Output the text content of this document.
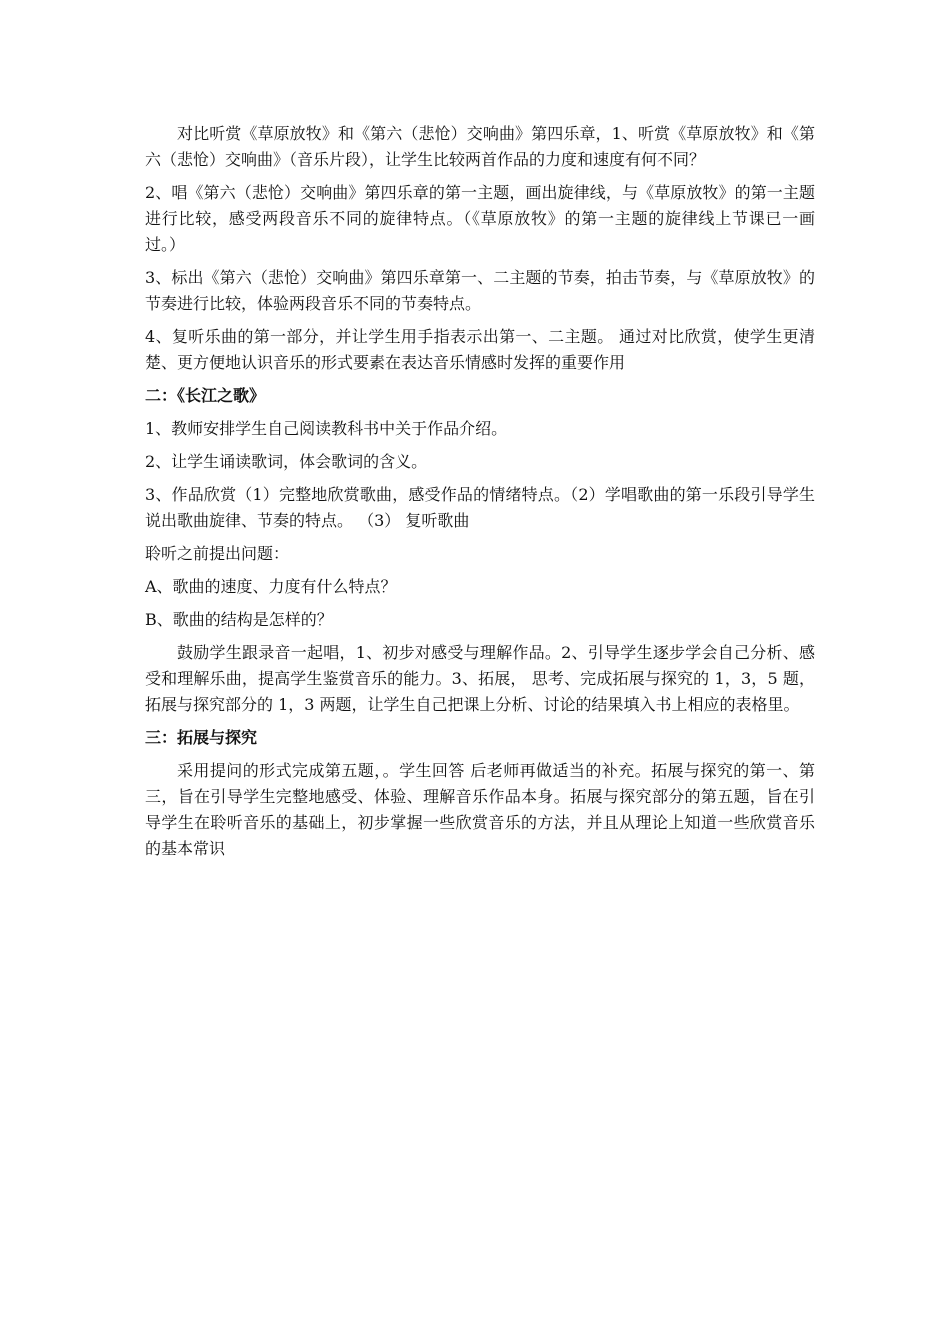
对比听赏《草原放牧》和《第六（悲怆）交响曲》第四乐章，1、听赏《草原放牧》和《第六（悲怆）交响曲》（音乐片段），让学生比较两首作品的力度和速度有何不同？

2、唱《第六（悲怆）交响曲》第四乐章的第一主题，画出旋律线，与《草原放牧》的第一主题进行比较，感受两段音乐不同的旋律特点。（《草原放牧》的第一主题的旋律线上节课已一画过。）

3、标出《第六（悲怆）交响曲》第四乐章第一、二主题的节奏，拍击节奏，与《草原放牧》的节奏进行比较，体验两段音乐不同的节奏特点。

4、复听乐曲的第一部分，并让学生用手指表示出第一、二主题。 通过对比欣赏，使学生更清楚、更方便地认识音乐的形式要素在表达音乐情感时发挥的重要作用

二：《长江之歌》

1、教师安排学生自己阅读教科书中关于作品介绍。

2、让学生诵读歌词，体会歌词的含义。

3、作品欣赏（1）完整地欣赏歌曲，感受作品的情绪特点。（2）学唱歌曲的第一乐段引导学生说出歌曲旋律、节奏的特点。 （3） 复听歌曲

聆听之前提出问题：

A、歌曲的速度、力度有什么特点？

B、歌曲的结构是怎样的？

鼓励学生跟录音一起唱，1、初步对感受与理解作品。2、引导学生逐步学会自己分析、感受和理解乐曲，提高学生鉴赏音乐的能力。3、拓展， 思考、完成拓展与探究的 1，3，5 题， 拓展与探究部分的 1，3 两题，让学生自己把课上分析、讨论的结果填入书上相应的表格里。

三：拓展与探究

采用提问的形式完成第五题，。学生回答 后老师再做适当的补充。拓展与探究的第一、第三，旨在引导学生完整地感受、体验、理解音乐作品本身。拓展与探究部分的第五题，旨在引导学生在聆听音乐的基础上，初步掌握一些欣赏音乐的方法，并且从理论上知道一些欣赏音乐的基本常识
